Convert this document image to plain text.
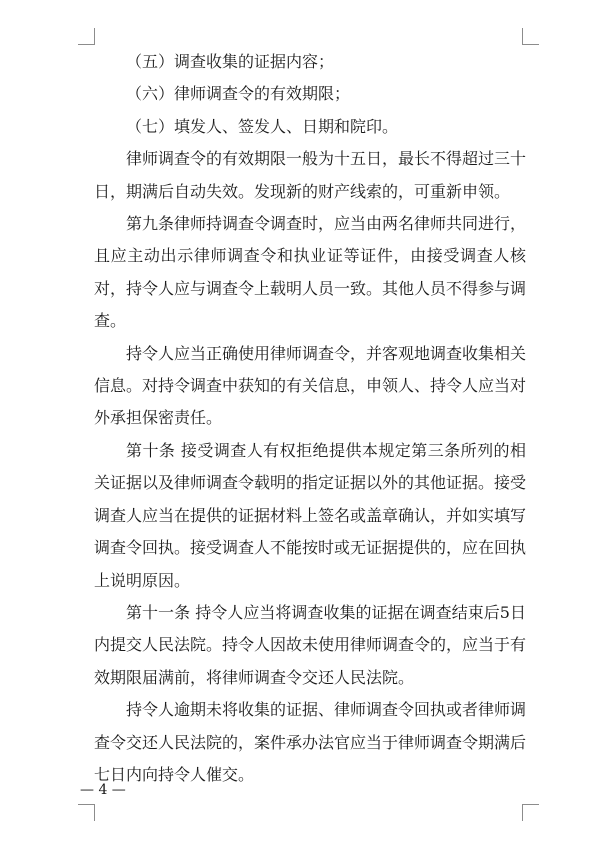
（五）调查收集的证据内容；

（六）律师调查令的有效期限；

（七）填发人、签发人、日期和院印。

律师调查令的有效期限一般为十五日，最长不得超过三十日，期满后自动失效。发现新的财产线索的，可重新申领。

第九条律师持调查令调查时，应当由两名律师共同进行，且应主动出示律师调查令和执业证等证件，由接受调查人核对，持令人应与调查令上载明人员一致。其他人员不得参与调查。

持令人应当正确使用律师调查令，并客观地调查收集相关信息。对持令调查中获知的有关信息，申领人、持令人应当对外承担保密责任。

第十条 接受调查人有权拒绝提供本规定第三条所列的相关证据以及律师调查令载明的指定证据以外的其他证据。接受调查人应当在提供的证据材料上签名或盖章确认，并如实填写调查令回执。接受调查人不能按时或无证据提供的，应在回执上说明原因。

第十一条 持令人应当将调查收集的证据在调查结束后5日内提交人民法院。持令人因故未使用律师调查令的，应当于有效期限届满前，将律师调查令交还人民法院。

持令人逾期未将收集的证据、律师调查令回执或者律师调查令交还人民法院的，案件承办法官应当于律师调查令期满后七日内向持令人催交。

— 4 —
